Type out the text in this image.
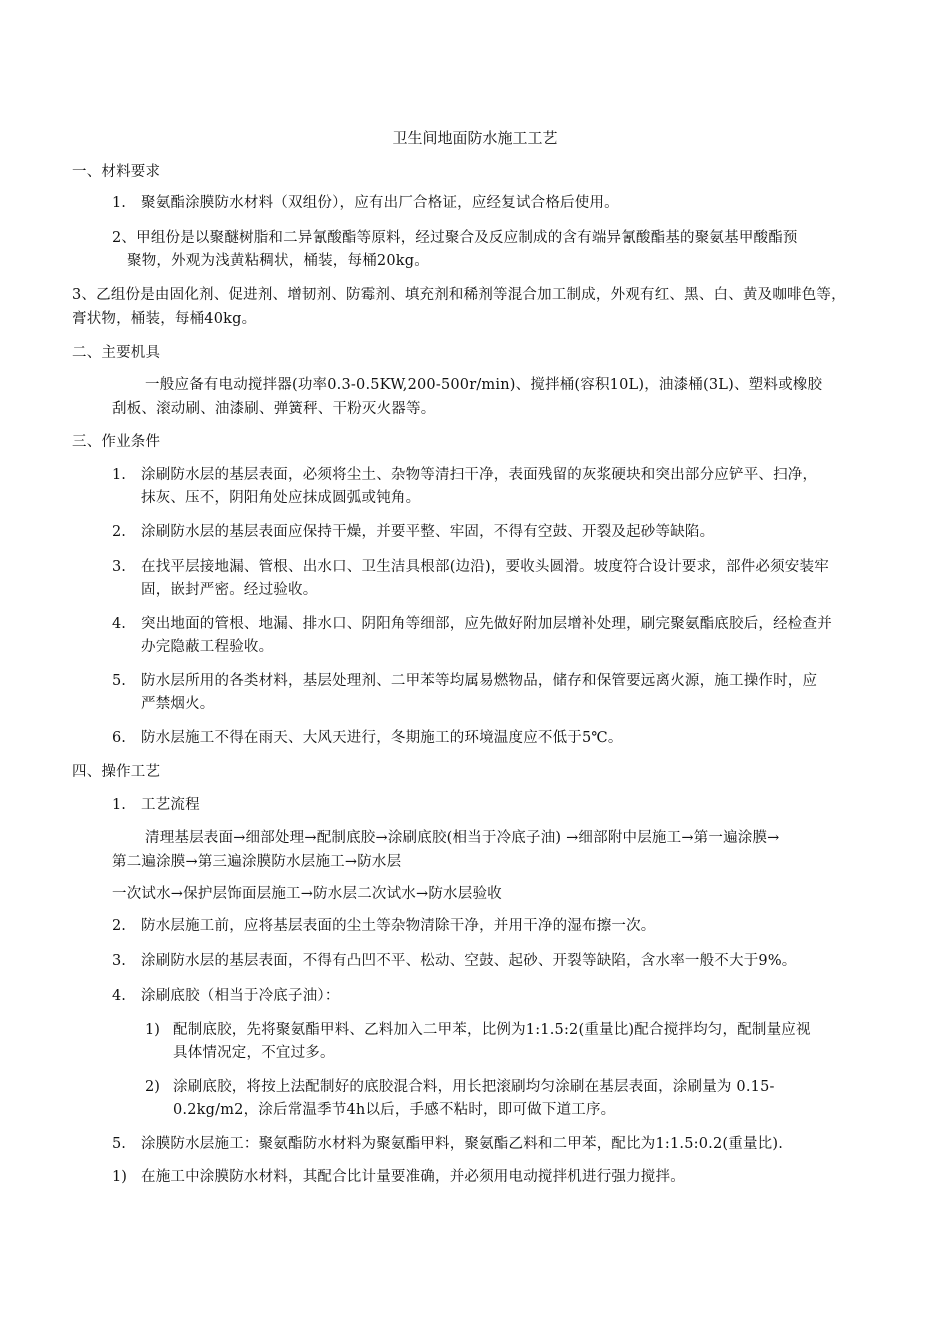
卫生间地面防水施工工艺
一、材料要求
1. 聚氨酯涂膜防水材料（双组份），应有出厂合格证，应经复试合格后使用。
2、甲组份是以聚醚树脂和二异氰酸酯等原料，经过聚合及反应制成的含有端异氰酸酯基的聚氨基甲酸酯预
聚物，外观为浅黄粘稠状，桶装，每桶20kg。
3、乙组份是由固化剂、促进剂、增韧剂、防霉剂、填充剂和稀剂等混合加工制成，外观有红、黑、白、黄及咖啡色等，
膏状物，桶装，每桶40kg。
二、主要机具
一般应备有电动搅拌器(功率0.3-0.5KW,200-500r/min)、搅拌桶(容积10L)，油漆桶(3L)、塑料或橡胶
刮板、滚动刷、油漆刷、弹簧秤、干粉灭火器等。
三、作业条件
1. 涂刷防水层的基层表面，必须将尘土、杂物等清扫干净，表面残留的灰浆硬块和突出部分应铲平、扫净，
抹灰、压不，阴阳角处应抹成圆弧或钝角。
2. 涂刷防水层的基层表面应保持干燥，并要平整、牢固，不得有空鼓、开裂及起砂等缺陷。
3. 在找平层接地漏、管根、出水口、卫生洁具根部(边沿)，要收头圆滑。坡度符合设计要求，部件必须安装牢
固，嵌封严密。经过验收。
4. 突出地面的管根、地漏、排水口、阴阳角等细部，应先做好附加层增补处理，刷完聚氨酯底胶后，经检查并
办完隐蔽工程验收。
5. 防水层所用的各类材料，基层处理剂、二甲苯等均属易燃物品，储存和保管要远离火源，施工操作时，应
严禁烟火。
6. 防水层施工不得在雨天、大风天进行，冬期施工的环境温度应不低于5℃。
四、操作工艺
1. 工艺流程
清理基层表面→细部处理→配制底胶→涂刷底胶(相当于冷底子油) →细部附中层施工→第一遍涂膜→
第二遍涂膜→第三遍涂膜防水层施工→防水层
一次试水→保护层饰面层施工→防水层二次试水→防水层验收
2. 防水层施工前，应将基层表面的尘土等杂物清除干净，并用干净的湿布擦一次。
3. 涂刷防水层的基层表面，不得有凸凹不平、松动、空鼓、起砂、开裂等缺陷，含水率一般不大于9%。
4. 涂刷底胶（相当于冷底子油）：
1) 配制底胶，先将聚氨酯甲料、乙料加入二甲苯，比例为1:1.5:2(重量比)配合搅拌均匀，配制量应视
具体情况定，不宜过多。
2) 涂刷底胶，将按上法配制好的底胶混合料，用长把滚刷均匀涂刷在基层表面，涂刷量为 0.15-
0.2kg/m2，涂后常温季节4h以后，手感不粘时，即可做下道工序。
5. 涂膜防水层施工：聚氨酯防水材料为聚氨酯甲料，聚氨酯乙料和二甲苯，配比为1:1.5:0.2(重量比).
1) 在施工中涂膜防水材料，其配合比计量要准确，并必须用电动搅拌机进行强力搅拌。
